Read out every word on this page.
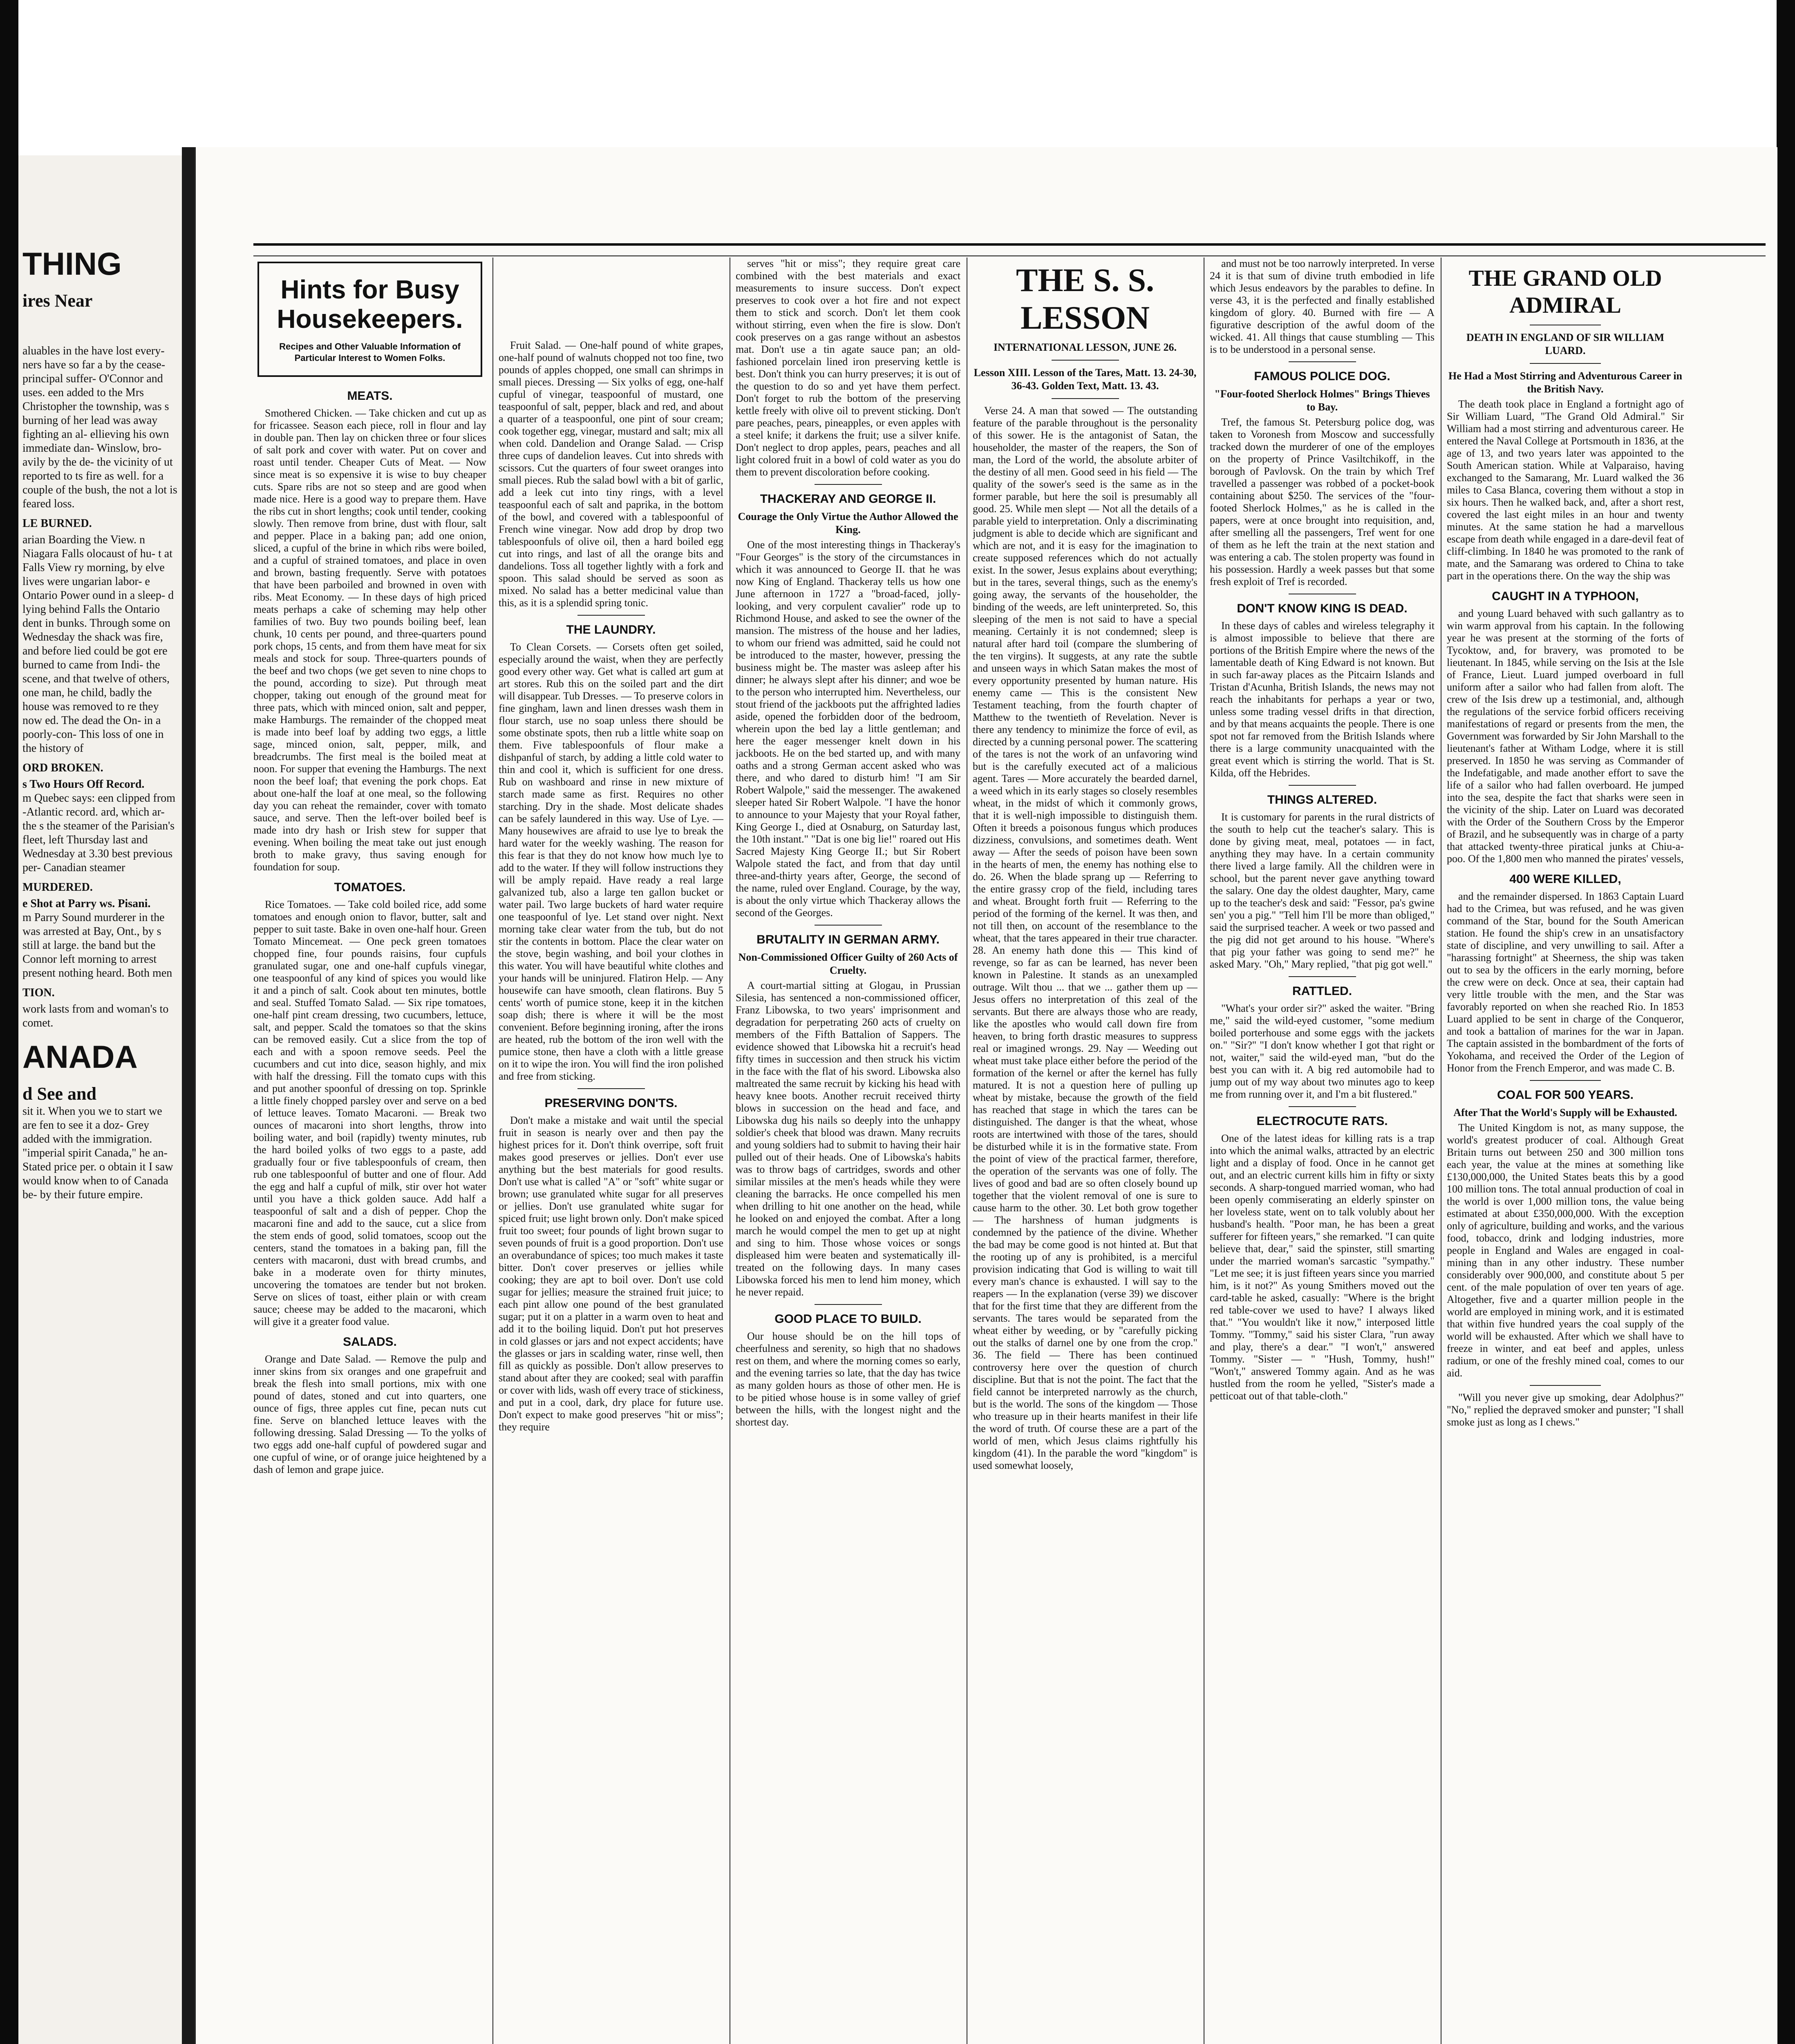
THING
ires Near
aluables in the have lost every- ners have so far a by the cease- principal suffer- O'Connor and uses. een added to the Mrs Christopher the township, was s burning of her lead was away fighting an al- ellieving his own immediate dan- Winslow, bro- avily by the de- the vicinity of ut reported to ts fire as well. for a couple of the bush, the not a lot is feared loss.
LE BURNED.
arian Boarding the View. n Niagara Falls olocaust of hu- t at Falls View ry morning, by elve lives were ungarian labor- e Ontario Power ound in a sleep- d lying behind Falls the Ontario dent in bunks. Through some on Wednesday the shack was fire, and before lied could be got ere burned to came from Indi- the scene, and that twelve of others, one man, he child, badly the house was removed to re they now ed. The dead the On- in a poorly-con- This loss of one in the history of
ORD BROKEN.
s Two Hours Off Record.
m Quebec says: een clipped from -Atlantic record. ard, which ar- the s the steamer of the Parisian's fleet, left Thursday last and Wednesday at 3.30 best previous per- Canadian steamer
MURDERED.
e Shot at Parry ws. Pisani.
m Parry Sound murderer in the was arrested at Bay, Ont., by s still at large. the band but the Connor left morning to arrest present nothing heard. Both men
TION.
work lasts from and woman's to comet.
ANADA
d See and
sit it. When you we to start we are fen to see it a doz- Grey added with the immigration. "imperial spirit Canada," he an- Stated price per. o obtain it I saw would know when to of Canada be- by their future empire.
Hints for Busy Housekeepers.
Recipes and Other Valuable Information of Particular Interest to Women Folks.
MEATS.

Smothered Chicken. — Take chicken and cut up as for fricassee. Season each piece, roll in flour and lay in double pan. Then lay on chicken three or four slices of salt pork and cover with water. Put on cover and roast until tender. Cheaper Cuts of Meat. — Now since meat is so expensive it is wise to buy cheaper cuts. Spare ribs are not so steep and are good when made nice. Here is a good way to prepare them. Have the ribs cut in short lengths; cook until tender, cooking slowly. Then remove from brine, dust with flour, salt and pepper. Place in a baking pan; add one onion, sliced, a cupful of the brine in which ribs were boiled, and a cupful of strained tomatoes, and place in oven and brown, basting frequently. Serve with potatoes that have been parboiled and browned in oven with ribs. Meat Economy. — In these days of high priced meats perhaps a cake of scheming may help other families of two. Buy two pounds boiling beef, lean chunk, 10 cents per pound, and three-quarters pound pork chops, 15 cents, and from them have meat for six meals and stock for soup. Three-quarters pounds of the beef and two chops (we get seven to nine chops to the pound, according to size). Put through meat chopper, taking out enough of the ground meat for three pats, which with minced onion, salt and pepper, make Hamburgs. The remainder of the chopped meat is made into beef loaf by adding two eggs, a little sage, minced onion, salt, pepper, milk, and breadcrumbs. The first meal is the boiled meat at noon. For supper that evening the Hamburgs. The next noon the beef loaf; that evening the pork chops. Eat about one-half the loaf at one meal, so the following day you can reheat the remainder, cover with tomato sauce, and serve. Then the left-over boiled beef is made into dry hash or Irish stew for supper that evening. When boiling the meat take out just enough broth to make gravy, thus saving enough for foundation for soup.

TOMATOES.

Rice Tomatoes. — Take cold boiled rice, add some tomatoes and enough onion to flavor, butter, salt and pepper to suit taste. Bake in oven one-half hour. Green Tomato Mincemeat. — One peck green tomatoes chopped fine, four pounds raisins, four cupfuls granulated sugar, one and one-half cupfuls vinegar, one teaspoonful of any kind of spices you would like it and a pinch of salt. Cook about ten minutes, bottle and seal. Stuffed Tomato Salad. — Six ripe tomatoes, one-half pint cream dressing, two cucumbers, lettuce, salt, and pepper. Scald the tomatoes so that the skins can be removed easily. Cut a slice from the top of each and with a spoon remove seeds. Peel the cucumbers and cut into dice, season highly, and mix with half the dressing. Fill the tomato cups with this and put another spoonful of dressing on top. Sprinkle a little finely chopped parsley over and serve on a bed of lettuce leaves. Tomato Macaroni. — Break two ounces of macaroni into short lengths, throw into boiling water, and boil (rapidly) twenty minutes, rub the hard boiled yolks of two eggs to a paste, add gradually four or five tablespoonfuls of cream, then rub one tablespoonful of butter and one of flour. Add the egg and half a cupful of milk, stir over hot water until you have a thick golden sauce. Add half a teaspoonful of salt and a dish of pepper. Chop the macaroni fine and add to the sauce, cut a slice from the stem ends of good, solid tomatoes, scoop out the centers, stand the tomatoes in a baking pan, fill the centers with macaroni, dust with bread crumbs, and bake in a moderate oven for thirty minutes, uncovering the tomatoes are tender but not broken. Serve on slices of toast, either plain or with cream sauce; cheese may be added to the macaroni, which will give it a greater food value.

SALADS.

Orange and Date Salad. — Remove the pulp and inner skins from six oranges and one grapefruit and break the flesh into small portions, mix with one pound of dates, stoned and cut into quarters, one ounce of figs, three apples cut fine, pecan nuts cut fine. Serve on blanched lettuce leaves with the following dressing. Salad Dressing — To the yolks of two eggs add one-half cupful of powdered sugar and one cupful of wine, or of orange juice heightened by a dash of lemon and grape juice.

Fruit Salad. — One-half pound of white grapes, one-half pound of walnuts chopped not too fine, two pounds of apples chopped, one small can shrimps in small pieces. Dressing — Six yolks of egg, one-half cupful of vinegar, teaspoonful of mustard, one teaspoonful of salt, pepper, black and red, and about a quarter of a teaspoonful, one pint of sour cream; cook together egg, vinegar, mustard and salt; mix all when cold. Dandelion and Orange Salad. — Crisp three cups of dandelion leaves. Cut into shreds with scissors. Cut the quarters of four sweet oranges into small pieces. Rub the salad bowl with a bit of garlic, add a leek cut into tiny rings, with a level teaspoonful each of salt and paprika, in the bottom of the bowl, and covered with a tablespoonful of French wine vinegar. Now add drop by drop two tablespoonfuls of olive oil, then a hard boiled egg cut into rings, and last of all the orange bits and dandelions. Toss all together lightly with a fork and spoon. This salad should be served as soon as mixed. No salad has a better medicinal value than this, as it is a splendid spring tonic.

THE LAUNDRY.

To Clean Corsets. — Corsets often get soiled, especially around the waist, when they are perfectly good every other way. Get what is called art gum at art stores. Rub this on the soiled part and the dirt will disappear. Tub Dresses. — To preserve colors in fine gingham, lawn and linen dresses wash them in flour starch, use no soap unless there should be some obstinate spots, then rub a little white soap on them. Five tablespoonfuls of flour make a dishpanful of starch, by adding a little cold water to thin and cool it, which is sufficient for one dress. Rub on washboard and rinse in new mixture of starch made same as first. Requires no other starching. Dry in the shade. Most delicate shades can be safely laundered in this way. Use of Lye. — Many housewives are afraid to use lye to break the hard water for the weekly washing. The reason for this fear is that they do not know how much lye to add to the water. If they will follow instructions they will be amply repaid. Have ready a real large galvanized tub, also a large ten gallon bucket or water pail. Two large buckets of hard water require one teaspoonful of lye. Let stand over night. Next morning take clear water from the tub, but do not stir the contents in bottom. Place the clear water on the stove, begin washing, and boil your clothes in this water. You will have beautiful white clothes and your hands will be uninjured. Flatiron Help. — Any housewife can have smooth, clean flatirons. Buy 5 cents' worth of pumice stone, keep it in the kitchen soap dish; there is where it will be the most convenient. Before beginning ironing, after the irons are heated, rub the bottom of the iron well with the pumice stone, then have a cloth with a little grease on it to wipe the iron. You will find the iron polished and free from sticking.

PRESERVING DON'TS.

Don't make a mistake and wait until the special fruit in season is nearly over and then pay the highest prices for it. Don't think overripe, soft fruit makes good preserves or jellies. Don't ever use anything but the best materials for good results. Don't use what is called "A" or "soft" white sugar or brown; use granulated white sugar for all preserves or jellies. Don't use granulated white sugar for spiced fruit; use light brown only. Don't make spiced fruit too sweet; four pounds of light brown sugar to seven pounds of fruit is a good proportion. Don't use an overabundance of spices; too much makes it taste bitter. Don't cover preserves or jellies while cooking; they are apt to boil over. Don't use cold sugar for jellies; measure the strained fruit juice; to each pint allow one pound of the best granulated sugar; put it on a platter in a warm oven to heat and add it to the boiling liquid. Don't put hot preserves in cold glasses or jars and not expect accidents; have the glasses or jars in scalding water, rinse well, then fill as quickly as possible. Don't allow preserves to stand about after they are cooked; seal with paraffin or cover with lids, wash off every trace of stickiness, and put in a cool, dark, dry place for future use. Don't expect to make good preserves "hit or miss"; they require

serves "hit or miss"; they require great care combined with the best materials and exact measurements to insure success. Don't expect preserves to cook over a hot fire and not expect them to stick and scorch. Don't let them cook without stirring, even when the fire is slow. Don't cook preserves on a gas range without an asbestos mat. Don't use a tin agate sauce pan; an old-fashioned porcelain lined iron preserving kettle is best. Don't think you can hurry preserves; it is out of the question to do so and yet have them perfect. Don't forget to rub the bottom of the preserving kettle freely with olive oil to prevent sticking. Don't pare peaches, pears, pineapples, or even apples with a steel knife; it darkens the fruit; use a silver knife. Don't neglect to drop apples, pears, peaches and all light colored fruit in a bowl of cold water as you do them to prevent discoloration before cooking.

THACKERAY AND GEORGE II.
Courage the Only Virtue the Author Allowed the King.

One of the most interesting things in Thackeray's "Four Georges" is the story of the circumstances in which it was announced to George II. that he was now King of England. Thackeray tells us how one June afternoon in 1727 a "broad-faced, jolly-looking, and very corpulent cavalier" rode up to Richmond House, and asked to see the owner of the mansion. The mistress of the house and her ladies, to whom our friend was admitted, said he could not be introduced to the master, however, pressing the business might be. The master was asleep after his dinner; he always slept after his dinner; and woe be to the person who interrupted him. Nevertheless, our stout friend of the jackboots put the affrighted ladies aside, opened the forbidden door of the bedroom, wherein upon the bed lay a little gentleman; and here the eager messenger knelt down in his jackboots. He on the bed started up, and with many oaths and a strong German accent asked who was there, and who dared to disturb him! "I am Sir Robert Walpole," said the messenger. The awakened sleeper hated Sir Robert Walpole. "I have the honor to announce to your Majesty that your Royal father, King George I., died at Osnaburg, on Saturday last, the 10th instant." "Dat is one big lie!" roared out His Sacred Majesty King George II.; but Sir Robert Walpole stated the fact, and from that day until three-and-thirty years after, George, the second of the name, ruled over England. Courage, by the way, is about the only virtue which Thackeray allows the second of the Georges.

BRUTALITY IN GERMAN ARMY.
Non-Commissioned Officer Guilty of 260 Acts of Cruelty.

A court-martial sitting at Glogau, in Prussian Silesia, has sentenced a non-commissioned officer, Franz Libowska, to two years' imprisonment and degradation for perpetrating 260 acts of cruelty on members of the Fifth Battalion of Sappers. The evidence showed that Libowska hit a recruit's head fifty times in succession and then struck his victim in the face with the flat of his sword. Libowska also maltreated the same recruit by kicking his head with heavy knee boots. Another recruit received thirty blows in succession on the head and face, and Libowska dug his nails so deeply into the unhappy soldier's cheek that blood was drawn. Many recruits and young soldiers had to submit to having their hair pulled out of their heads. One of Libowska's habits was to throw bags of cartridges, swords and other similar missiles at the men's heads while they were cleaning the barracks. He once compelled his men when drilling to hit one another on the head, while he looked on and enjoyed the combat. After a long march he would compel the men to get up at night and sing to him. Those whose voices or songs displeased him were beaten and systematically ill-treated on the following days. In many cases Libowska forced his men to lend him money, which he never repaid.

GOOD PLACE TO BUILD.

Our house should be on the hill tops of cheerfulness and serenity, so high that no shadows rest on them, and where the morning comes so early, and the evening tarries so late, that the day has twice as many golden hours as those of other men. He is to be pitied whose house is in some valley of grief between the hills, with the longest night and the shortest day.

THE S. S. LESSON
INTERNATIONAL LESSON, JUNE 26.
Lesson XIII. Lesson of the Tares, Matt. 13. 24-30, 36-43. Golden Text, Matt. 13. 43.

Verse 24. A man that sowed — The outstanding feature of the parable throughout is the personality of this sower. He is the antagonist of Satan, the householder, the master of the reapers, the Son of man, the Lord of the world, the absolute arbiter of the destiny of all men. Good seed in his field — The quality of the sower's seed is the same as in the former parable, but here the soil is presumably all good. 25. While men slept — Not all the details of a parable yield to interpretation. Only a discriminating judgment is able to decide which are significant and which are not, and it is easy for the imagination to create supposed references which do not actually exist. In the sower, Jesus explains about everything; but in the tares, several things, such as the enemy's going away, the servants of the householder, the binding of the weeds, are left uninterpreted. So, this sleeping of the men is not said to have a special meaning. Certainly it is not condemned; sleep is natural after hard toil (compare the slumbering of the ten virgins). It suggests, at any rate the subtle and unseen ways in which Satan makes the most of every opportunity presented by human nature. His enemy came — This is the consistent New Testament teaching, from the fourth chapter of Matthew to the twentieth of Revelation. Never is there any tendency to minimize the force of evil, as directed by a cunning personal power. The scattering of the tares is not the work of an unfavoring wind but is the carefully executed act of a malicious agent. Tares — More accurately the bearded darnel, a weed which in its early stages so closely resembles wheat, in the midst of which it commonly grows, that it is well-nigh impossible to distinguish them. Often it breeds a poisonous fungus which produces dizziness, convulsions, and sometimes death. Went away — After the seeds of poison have been sown in the hearts of men, the enemy has nothing else to do. 26. When the blade sprang up — Referring to the entire grassy crop of the field, including tares and wheat. Brought forth fruit — Referring to the period of the forming of the kernel. It was then, and not till then, on account of the resemblance to the wheat, that the tares appeared in their true character. 28. An enemy hath done this — This kind of revenge, so far as can be learned, has never been known in Palestine. It stands as an unexampled outrage. Wilt thou ... that we ... gather them up — Jesus offers no interpretation of this zeal of the servants. But there are always those who are ready, like the apostles who would call down fire from heaven, to bring forth drastic measures to suppress real or imagined wrongs. 29. Nay — Weeding out wheat must take place either before the period of the formation of the kernel or after the kernel has fully matured. It is not a question here of pulling up wheat by mistake, because the growth of the field has reached that stage in which the tares can be distinguished. The danger is that the wheat, whose roots are intertwined with those of the tares, should be disturbed while it is in the formative state. From the point of view of the practical farmer, therefore, the operation of the servants was one of folly. The lives of good and bad are so often closely bound up together that the violent removal of one is sure to cause harm to the other. 30. Let both grow together — The harshness of human judgments is condemned by the patience of the divine. Whether the bad may be come good is not hinted at. But that the rooting up of any is prohibited, is a merciful provision indicating that God is willing to wait till every man's chance is exhausted. I will say to the reapers — In the explanation (verse 39) we discover that for the first time that they are different from the servants. The tares would be separated from the wheat either by weeding, or by "carefully picking out the stalks of darnel one by one from the crop." 36. The field — There has been continued controversy here over the question of church discipline. But that is not the point. The fact that the field cannot be interpreted narrowly as the church, but is the world. The sons of the kingdom — Those who treasure up in their hearts manifest in their life the word of truth. Of course these are a part of the world of men, which Jesus claims rightfully his kingdom (41). In the parable the word "kingdom" is used somewhat loosely,

and must not be too narrowly interpreted. In verse 24 it is that sum of divine truth embodied in life which Jesus endeavors by the parables to define. In verse 43, it is the perfected and finally established kingdom of glory. 40. Burned with fire — A figurative description of the awful doom of the wicked. 41. All things that cause stumbling — This is to be understood in a personal sense.

FAMOUS POLICE DOG.
"Four-footed Sherlock Holmes" Brings Thieves to Bay.

Tref, the famous St. Petersburg police dog, was taken to Voronesh from Moscow and successfully tracked down the murderer of one of the employes on the property of Prince Vasiltchikoff, in the borough of Pavlovsk. On the train by which Tref travelled a passenger was robbed of a pocket-book containing about $250. The services of the "four-footed Sherlock Holmes," as he is called in the papers, were at once brought into requisition, and, after smelling all the passengers, Tref went for one of them as he left the train at the next station and was entering a cab. The stolen property was found in his possession. Hardly a week passes but that some fresh exploit of Tref is recorded.

DON'T KNOW KING IS DEAD.

In these days of cables and wireless telegraphy it is almost impossible to believe that there are portions of the British Empire where the news of the lamentable death of King Edward is not known. But in such far-away places as the Pitcairn Islands and Tristan d'Acunha, British Islands, the news may not reach the inhabitants for perhaps a year or two, unless some trading vessel drifts in that direction, and by that means acquaints the people. There is one spot not far removed from the British Islands where there is a large community unacquainted with the great event which is stirring the world. That is St. Kilda, off the Hebrides.

THINGS ALTERED.

It is customary for parents in the rural districts of the south to help cut the teacher's salary. This is done by giving meat, meal, potatoes — in fact, anything they may have. In a certain community there lived a large family. All the children were in school, but the parent never gave anything toward the salary. One day the oldest daughter, Mary, came up to the teacher's desk and said: "Fessor, pa's gwine sen' you a pig." "Tell him I'll be more than obliged," said the surprised teacher. A week or two passed and the pig did not get around to his house. "Where's that pig your father was going to send me?" he asked Mary. "Oh," Mary replied, "that pig got well."

RATTLED.

"What's your order sir?" asked the waiter. "Bring me," said the wild-eyed customer, "some medium boiled porterhouse and some eggs with the jackets on." "Sir?" "I don't know whether I got that right or not, waiter," said the wild-eyed man, "but do the best you can with it. A big red automobile had to jump out of my way about two minutes ago to keep me from running over it, and I'm a bit flustered."

ELECTROCUTE RATS.

One of the latest ideas for killing rats is a trap into which the animal walks, attracted by an electric light and a display of food. Once in he cannot get out, and an electric current kills him in fifty or sixty seconds. A sharp-tongued married woman, who had been openly commiserating an elderly spinster on her loveless state, went on to talk volubly about her husband's health. "Poor man, he has been a great sufferer for fifteen years," she remarked. "I can quite believe that, dear," said the spinster, still smarting under the married woman's sarcastic "sympathy." "Let me see; it is just fifteen years since you married him, is it not?" As young Smithers moved out the card-table he asked, casually: "Where is the bright red table-cover we used to have? I always liked that." "You wouldn't like it now," interposed little Tommy. "Tommy," said his sister Clara, "run away and play, there's a dear." "I won't," answered Tommy. "Sister — " "Hush, Tommy, hush!" "Won't," answered Tommy again. And as he was hustled from the room he yelled, "Sister's made a petticoat out of that table-cloth."

THE GRAND OLD ADMIRAL
DEATH IN ENGLAND OF SIR WILLIAM LUARD.
He Had a Most Stirring and Adventurous Career in the British Navy.

The death took place in England a fortnight ago of Sir William Luard, "The Grand Old Admiral." Sir William had a most stirring and adventurous career. He entered the Naval College at Portsmouth in 1836, at the age of 13, and two years later was appointed to the South American station. While at Valparaiso, having exchanged to the Samarang, Mr. Luard walked the 36 miles to Casa Blanca, covering them without a stop in six hours. Then he walked back, and, after a short rest, covered the last eight miles in an hour and twenty minutes. At the same station he had a marvellous escape from death while engaged in a dare-devil feat of cliff-climbing. In 1840 he was promoted to the rank of mate, and the Samarang was ordered to China to take part in the operations there. On the way the ship was

CAUGHT IN A TYPHOON,

and young Luard behaved with such gallantry as to win warm approval from his captain. In the following year he was present at the storming of the forts of Tycoktow, and, for bravery, was promoted to be lieutenant. In 1845, while serving on the Isis at the Isle of France, Lieut. Luard jumped overboard in full uniform after a sailor who had fallen from aloft. The crew of the Isis drew up a testimonial, and, although the regulations of the service forbid officers receiving manifestations of regard or presents from the men, the Government was forwarded by Sir John Marshall to the lieutenant's father at Witham Lodge, where it is still preserved. In 1850 he was serving as Commander of the Indefatigable, and made another effort to save the life of a sailor who had fallen overboard. He jumped into the sea, despite the fact that sharks were seen in the vicinity of the ship. Later on Luard was decorated with the Order of the Southern Cross by the Emperor of Brazil, and he subsequently was in charge of a party that attacked twenty-three piratical junks at Chiu-a-poo. Of the 1,800 men who manned the pirates' vessels,

400 WERE KILLED,

and the remainder dispersed. In 1863 Captain Luard had to the Crimea, but was refused, and he was given command of the Star, bound for the South American station. He found the ship's crew in an unsatisfactory state of discipline, and very unwilling to sail. After a "harassing fortnight" at Sheerness, the ship was taken out to sea by the officers in the early morning, before the crew were on deck. Once at sea, their captain had very little trouble with the men, and the Star was favorably reported on when she reached Rio. In 1853 Luard applied to be sent in charge of the Conqueror, and took a battalion of marines for the war in Japan. The captain assisted in the bombardment of the forts of Yokohama, and received the Order of the Legion of Honor from the French Emperor, and was made C. B.

COAL FOR 500 YEARS.
After That the World's Supply will be Exhausted.

The United Kingdom is not, as many suppose, the world's greatest producer of coal. Although Great Britain turns out between 250 and 300 million tons each year, the value at the mines at something like £130,000,000, the United States beats this by a good 100 million tons. The total annual production of coal in the world is over 1,000 million tons, the value being estimated at about £350,000,000. With the exception only of agriculture, building and works, and the various food, tobacco, drink and lodging industries, more people in England and Wales are engaged in coal-mining than in any other industry. These number considerably over 900,000, and constitute about 5 per cent. of the male population of over ten years of age. Altogether, five and a quarter million people in the world are employed in mining work, and it is estimated that within five hundred years the coal supply of the world will be exhausted. After which we shall have to freeze in winter, and eat beef and apples, unless radium, or one of the freshly mined coal, comes to our aid.

"Will you never give up smoking, dear Adolphus?" "No," replied the depraved smoker and punster; "I shall smoke just as long as I chews."
